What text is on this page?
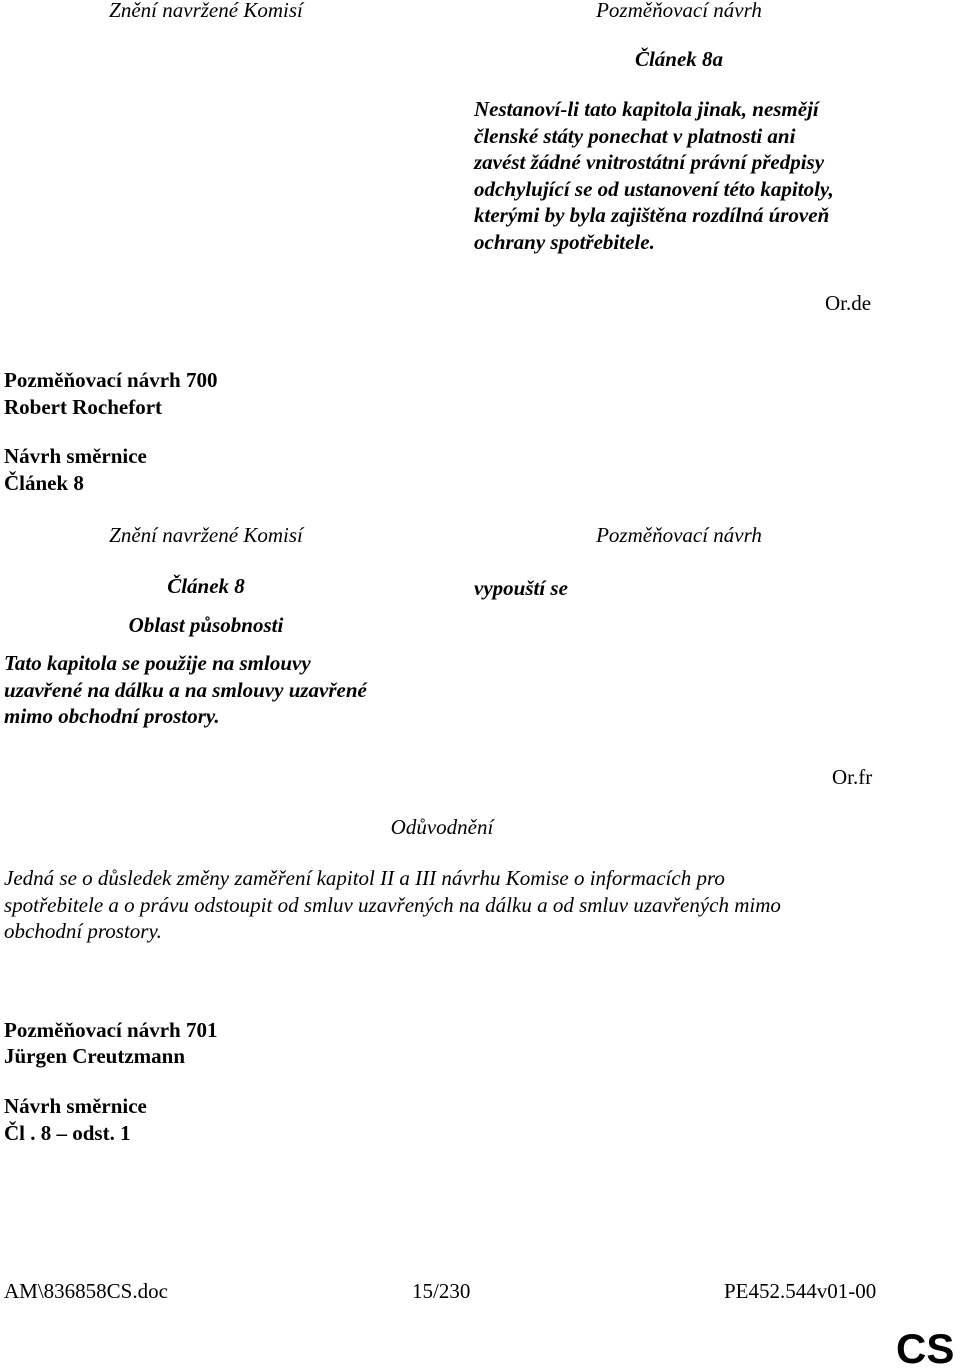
Znění navržené Komisí	Pozměňovací návrh
Článek 8a
Nestanoví-li tato kapitola jinak, nesmějí
členské státy ponechat v platnosti ani
zavést žádné vnitrostátní právní předpisy
odchylující se od ustanovení této kapitoly,
kterými by byla zajištěna rozdílná úroveň
ochrany spotřebitele.
Or.de
Pozměňovací návrh 700
Robert Rochefort
Návrh směrnice
Článek 8
Znění navržené Komisí	Pozměňovací návrh
Článek 8	vypouští se
Oblast působnosti
Tato kapitola se použije na smlouvy
uzavřené na dálku a na smlouvy uzavřené
mimo obchodní prostory.
Or.fr
Odůvodnění
Jedná se o důsledek změny zaměření kapitol II a III návrhu Komise o informacích pro
spotřebitele a o právu odstoupit od smluv uzavřených na dálku a od smluv uzavřených mimo
obchodní prostory.
Pozměňovací návrh 701
Jürgen Creutzmann
Návrh směrnice
Čl . 8 – odst. 1
AM\836858CS.doc	15/230	PE452.544v01-00
CS
